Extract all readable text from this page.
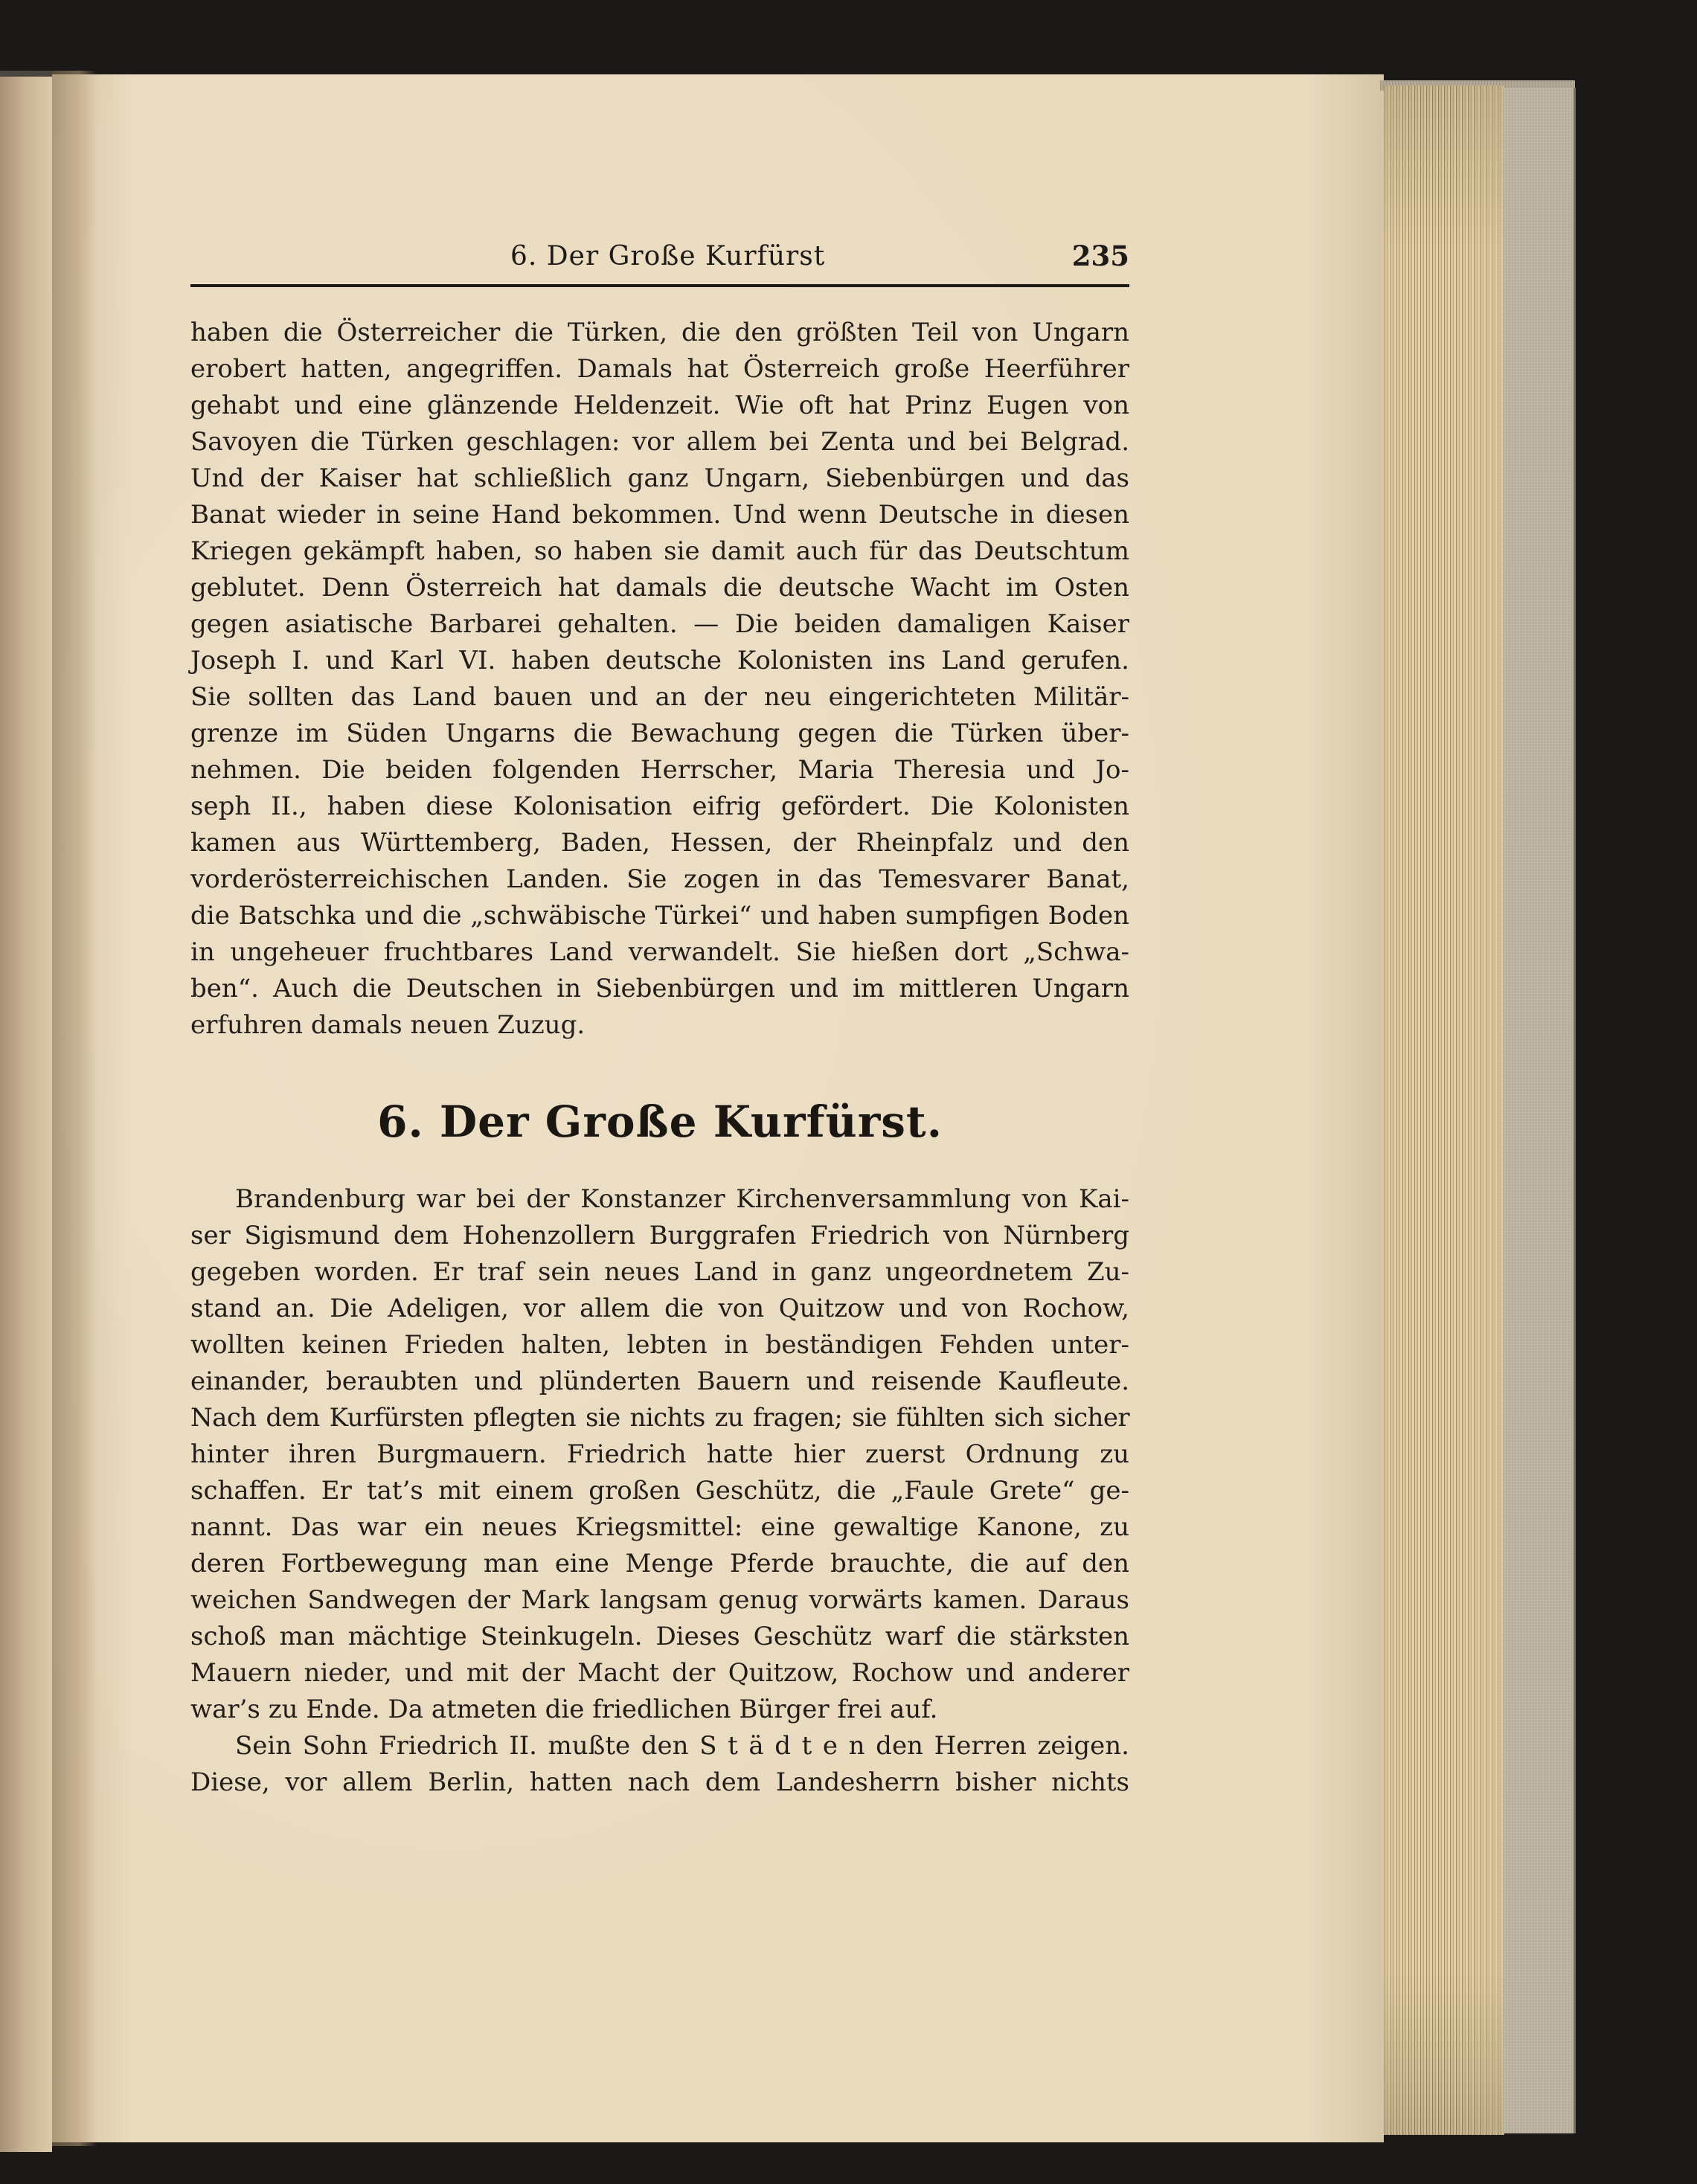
6. Der Große Kurfürst	235

haben die Österreicher die Türken, die den größten Teil von Ungarn

erobert hatten, angegriffen. Damals hat Österreich große Heerführer

gehabt und eine glänzende Heldenzeit. Wie oft hat Prinz Eugen von

Savoyen die Türken geschlagen: vor allem bei Zenta und bei Belgrad.

Und der Kaiser hat schließlich ganz Ungarn, Siebenbürgen und das

Banat wieder in seine Hand bekommen. Und wenn Deutsche in diesen

Kriegen gekämpft haben, so haben sie damit auch für das Deutschtum

geblutet. Denn Österreich hat damals die deutsche Wacht im Osten

gegen asiatische Barbarei gehalten. — Die beiden damaligen Kaiser

Joseph I. und Karl VI. haben deutsche Kolonisten ins Land gerufen.

Sie sollten das Land bauen und an der neu eingerichteten Militär-

grenze im Süden Ungarns die Bewachung gegen die Türken über-

nehmen. Die beiden folgenden Herrscher, Maria Theresia und Jo-

seph II., haben diese Kolonisation eifrig gefördert. Die Kolonisten

kamen aus Württemberg, Baden, Hessen, der Rheinpfalz und den

vorderösterreichischen Landen. Sie zogen in das Temesvarer Banat,

die Batschka und die „schwäbische Türkei“ und haben sumpfigen Boden

in ungeheuer fruchtbares Land verwandelt. Sie hießen dort „Schwa-

ben“. Auch die Deutschen in Siebenbürgen und im mittleren Ungarn

erfuhren damals neuen Zuzug.

6. Der Große Kurfürst.

Brandenburg war bei der Konstanzer Kirchenversammlung von Kai-

ser Sigismund dem Hohenzollern Burggrafen Friedrich von Nürnberg

gegeben worden. Er traf sein neues Land in ganz ungeordnetem Zu-

stand an. Die Adeligen, vor allem die von Quitzow und von Rochow,

wollten keinen Frieden halten, lebten in beständigen Fehden unter-

einander, beraubten und plünderten Bauern und reisende Kaufleute.

Nach dem Kurfürsten pflegten sie nichts zu fragen; sie fühlten sich sicher

hinter ihren Burgmauern. Friedrich hatte hier zuerst Ordnung zu

schaffen. Er tat’s mit einem großen Geschütz, die „Faule Grete“ ge-

nannt. Das war ein neues Kriegsmittel: eine gewaltige Kanone, zu

deren Fortbewegung man eine Menge Pferde brauchte, die auf den

weichen Sandwegen der Mark langsam genug vorwärts kamen. Daraus

schoß man mächtige Steinkugeln. Dieses Geschütz warf die stärksten

Mauern nieder, und mit der Macht der Quitzow, Rochow und anderer

war’s zu Ende. Da atmeten die friedlichen Bürger frei auf.

Sein Sohn Friedrich II. mußte den S t ä d t e n den Herren zeigen.

Diese, vor allem Berlin, hatten nach dem Landesherrn bisher nichts
